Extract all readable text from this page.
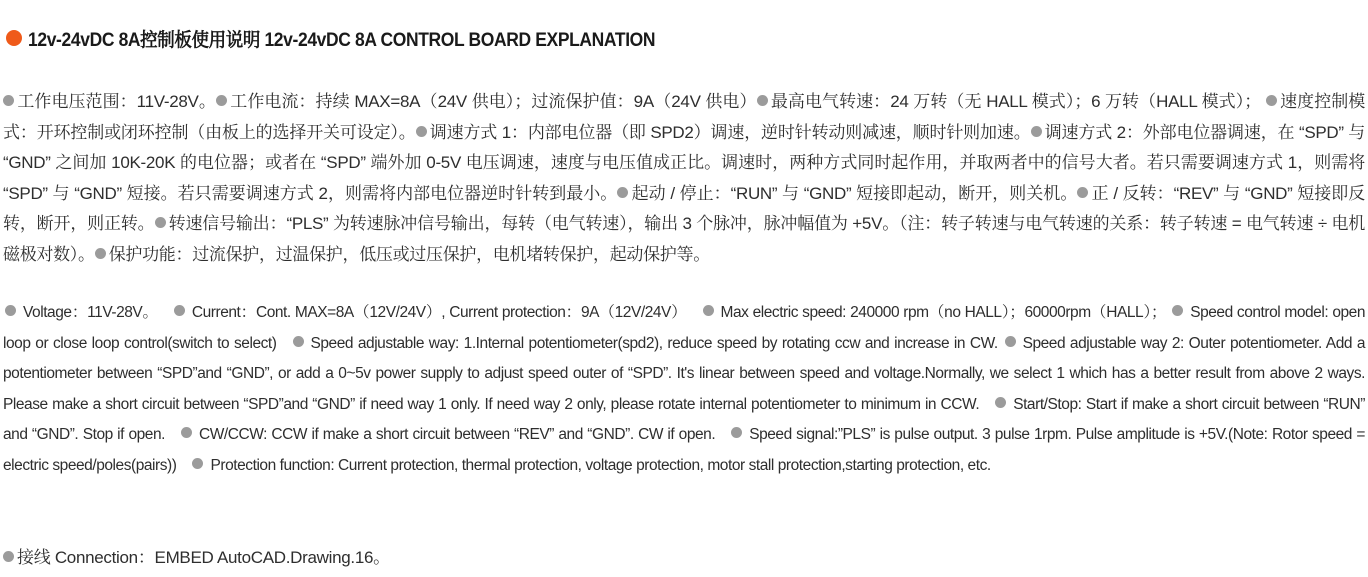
12v-24vDC 8A控制板使用说明 12v-24vDC 8A CONTROL BOARD EXPLANATION
工作电压范围：11V-28V。 工作电流：持续 MAX=8A（24V 供电）；过流保护值：9A（24V 供电） 最高电气转速：24 万转（无 HALL 模式）；6 万转（HALL 模式）； 速度控制模式：开环控制或闭环控制（由板上的选择开关可设定）。 调速方式 1：内部电位器（即 SPD2）调速，逆时针转动则减速，顺时针则加速。 调速方式 2：外部电位器调速，在 “SPD” 与 “GND” 之间加 10K-20K 的电位器；或者在 “SPD” 端外加 0-5V 电压调速，速度与电压值成正比。调速时，两种方式同时起作用，并取两者中的信号大者。若只需要调速方式 1，则需将 “SPD” 与 “GND” 短接。若只需要调速方式 2，则需将内部电位器逆时针转到最小。 起动 / 停止：“RUN” 与 “GND” 短接即起动，断开，则关机。 正 / 反转：“REV” 与 “GND” 短接即反转，断开，则正转。 转速信号输出：“PLS” 为转速脉冲信号输出，每转（电气转速），输出 3 个脉冲，脉冲幅值为 +5V。（注：转子转速与电气转速的关系：转子转速 = 电气转速 ÷ 电机磁极对数）。 保护功能：过流保护，过温保护，低压或过压保护，电机堵转保护，起动保护等。
Voltage：11V-28V。 Current：Cont. MAX=8A（12V/24V）, Current protection：9A（12V/24V） Max electric speed: 240000 rpm（no HALL）；60000rpm（HALL）； Speed control model: open loop or close loop control(switch to select) Speed adjustable way: 1.Internal potentiometer(spd2), reduce speed by rotating ccw and increase in CW. Speed adjustable way 2: Outer potentiometer. Add a potentiometer between “SPD”and “GND”, or add a 0~5v power supply to adjust speed outer of “SPD”. It's linear between speed and voltage.Normally, we select 1 which has a better result from above 2 ways. Please make a short circuit between “SPD”and “GND” if need way 1 only. If need way 2 only, please rotate internal potentiometer to minimum in CCW. Start/Stop: Start if make a short circuit between “RUN” and “GND”. Stop if open. CW/CCW: CCW if make a short circuit between “REV” and “GND”. CW if open. Speed signal:”PLS” is pulse output. 3 pulse 1rpm. Pulse amplitude is +5V.(Note: Rotor speed = electric speed/poles(pairs)) Protection function: Current protection, thermal protection, voltage protection, motor stall protection,starting protection, etc.
接线 Connection：EMBED AutoCAD.Drawing.16。
